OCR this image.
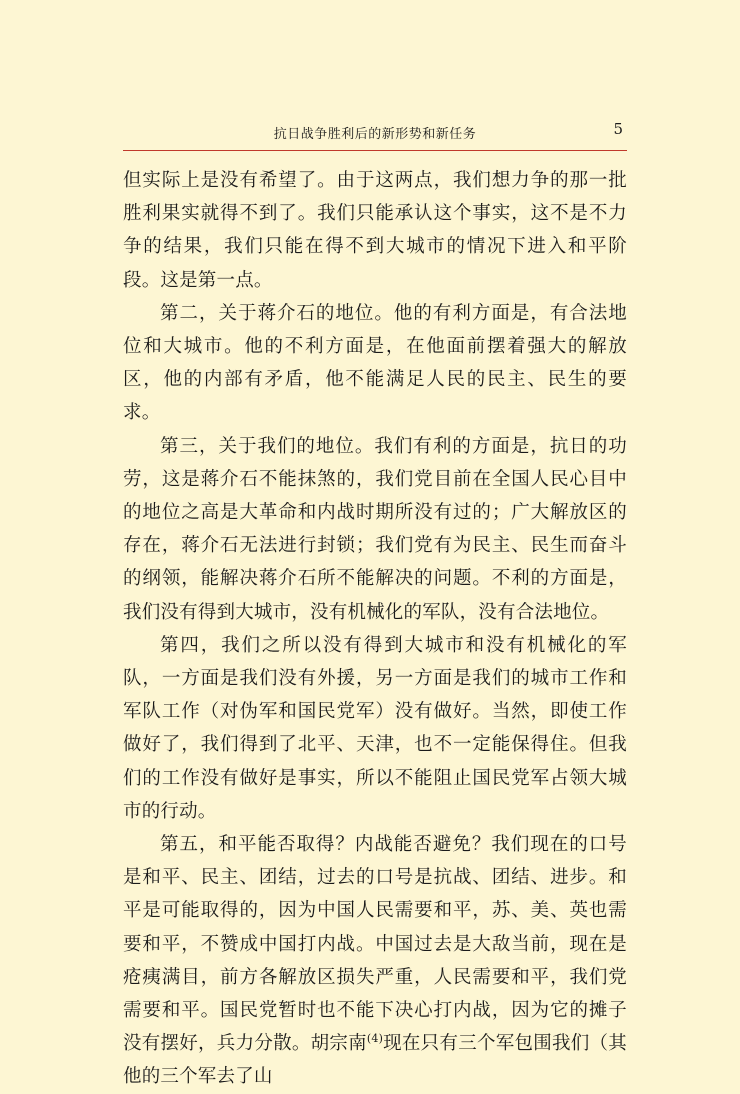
抗日战争胜利后的新形势和新任务	5

但实际上是没有希望了。由于这两点，我们想力争的那一批胜利果实就得不到了。我们只能承认这个事实，这不是不力争的结果，我们只能在得不到大城市的情况下进入和平阶段。这是第一点。

第二，关于蒋介石的地位。他的有利方面是，有合法地位和大城市。他的不利方面是，在他面前摆着强大的解放区，他的内部有矛盾，他不能满足人民的民主、民生的要求。

第三，关于我们的地位。我们有利的方面是，抗日的功劳，这是蒋介石不能抹煞的，我们党目前在全国人民心目中的地位之高是大革命和内战时期所没有过的；广大解放区的存在，蒋介石无法进行封锁；我们党有为民主、民生而奋斗的纲领，能解决蒋介石所不能解决的问题。不利的方面是，我们没有得到大城市，没有机械化的军队，没有合法地位。

第四，我们之所以没有得到大城市和没有机械化的军队，一方面是我们没有外援，另一方面是我们的城市工作和军队工作（对伪军和国民党军）没有做好。当然，即使工作做好了，我们得到了北平、天津，也不一定能保得住。但我们的工作没有做好是事实，所以不能阻止国民党军占领大城市的行动。

第五，和平能否取得？内战能否避免？我们现在的口号是和平、民主、团结，过去的口号是抗战、团结、进步。和平是可能取得的，因为中国人民需要和平，苏、美、英也需要和平，不赞成中国打内战。中国过去是大敌当前，现在是疮痍满目，前方各解放区损失严重，人民需要和平，我们党需要和平。国民党暂时也不能下决心打内战，因为它的摊子没有摆好，兵力分散。胡宗南$^{(4)}$现在只有三个军包围我们（其他的三个军去了山
